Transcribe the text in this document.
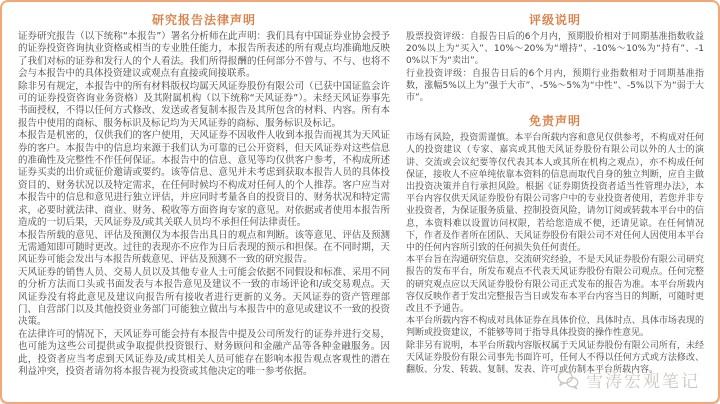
研究报告法律声明

证券研究报告（以下统称“本报告”）署名分析师在此声明：我们具有中国证券业协会授予的证券投资咨询执业资格或相当的专业胜任能力，本报告所表述的所有观点均准确地反映了我们对标的证券和发行人的个人看法。我们所得报酬的任何部分不曾与、不与、也将不会与本报告中的具体投资建议或观点有直接或间接联系。

除非另有规定，本报告中的所有材料版权均属天风证券股份有限公司（已获中国证监会许可的证券投资咨询业务资格）及其附属机构（以下统称“天风证券”）。未经天风证券事先书面授权，不得以任何方式修改、发送或者复制本报告及其所包含的材料、内容。所有本报告中使用的商标、服务标识及标记均为天风证券的商标、服务标识及标记。

本报告是机密的，仅供我们的客户使用，天风证券不因收件人收到本报告而视其为天风证券的客户。本报告中的信息均来源于我们认为可靠的已公开资料，但天风证券对这些信息的准确性及完整性不作任何保证。本报告中的信息、意见等均仅供客户参考，不构成所述证券买卖的出价或征价邀请或要约。该等信息、意见并未考虑到获取本报告人员的具体投资目的、财务状况以及特定需求，在任何时候均不构成对任何人的个人推荐。客户应当对本报告中的信息和意见进行独立评估，并应同时考量各自的投资目的、财务状况和特定需求，必要时就法律、商业、财务、税收等方面咨询专家的意见。对依据或者使用本报告所造成的一切后果，天风证券及/或其关联人员均不承担任何法律责任。

本报告所载的意见、评估及预测仅为本报告出具日的观点和判断。该等意见、评估及预测无需通知即可随时更改。过往的表现亦不应作为日后表现的预示和担保。在不同时期，天风证券可能会发出与本报告所载意见、评估及预测不一致的研究报告。

天风证券的销售人员、交易人员以及其他专业人士可能会依据不同假设和标准、采用不同的分析方法而口头或书面发表与本报告意见及建议不一致的市场评论和/或交易观点。天风证券没有将此意见及建议向报告所有接收者进行更新的义务。天风证券的资产管理部门、自营部门以及其他投资业务部门可能独立做出与本报告中的意见或建议不一致的投资决策。

在法律许可的情况下，天风证券可能会持有本报告中提及公司所发行的证券并进行交易，也可能为这些公司提供或争取提供投资银行、财务顾问和金融产品等各种金融服务。因此，投资者应当考虑到天风证券及/或其相关人员可能存在影响本报告观点客观性的潜在利益冲突，投资者请勿将本报告视为投资或其他决定的唯一参考依据。

评级说明

股票投资评级：自报告日后的6个月内，预期股价相对于同期基准指数收益20%以上为“买入”、10%～20%为“增持”、-10%～10%为“持有”、-10%以下为“卖出”。

行业投资评级：自报告日后的6个月内，预期行业指数相对于同期基准指数，涨幅5%以上为“强于大市”、-5%～5%为“中性”、-5%以下为“弱于大市”。

免责声明

市场有风险，投资需谨慎。本平台所载内容和意见仅供参考，不构成对任何人的投资建议（专家、嘉宾或其他天风证券股份有限公司以外的人士的演讲、交流或会议纪要等仅代表其本人或其所在机构之观点），亦不构成任何保证，接收人不应单纯依靠本资料的信息而取代自身的独立判断，应自主做出投资决策并自行承担风险。根据《证券期货投资者适当性管理办法》，本平台内容仅供天风证券股份有限公司客户中的专业投资者使用，若您并非专业投资者，为保证服务质量、控制投资风险，请勿订阅或转载本平台中的信息，本资料难以设置访问权限，若给您造成不便，还请见谅。在任何情况下，作者及作者所在团队、天风证券股份有限公司不对任何人因使用本平台中的任何内容所引致的任何损失负任何责任。

本平台旨在沟通研究信息，交流研究经验，不是天风证券股份有限公司研究报告的发布平台，所发布观点不代表天风证券股份有限公司观点。任何完整的研究观点应以天风证券股份有限公司正式发布的报告为准。本平台所载内容仅反映作者于发出完整报告当日或发布本平台内容当日的判断，可随时更改且不予通告。

本平台所载内容不构成对具体证券在具体价位、具体时点、具体市场表现的判断或投资建议，不能够等同于指导具体投资的操作性意见。

除非另有说明，本平台所载内容版权属于天风证券股份有限公司所有，未经天风证券股份有限公司事先书面许可，任何人不得以任何方式或方法修改、翻版、分发、转载、复制、发表、许可或仿制本平台所载内容。

雪涛宏观笔记
